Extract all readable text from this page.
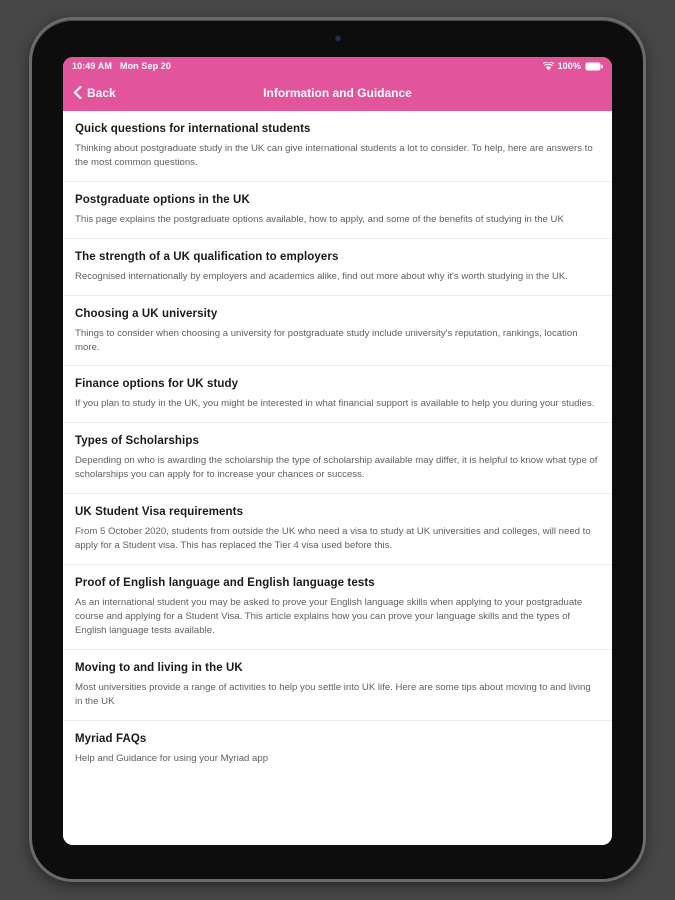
10:49 AM Mon Sep 20	100%
Back	Information and Guidance
Quick questions for international students
Thinking about postgraduate study in the UK can give international students a lot to consider. To help, here are answers to the most common questions.
Postgraduate options in the UK
This page explains the postgraduate options available, how to apply, and some of the benefits of studying in the UK
The strength of a UK qualification to employers
Recognised internationally by employers and academics alike, find out more about why it's worth studying in the UK.
Choosing a UK university
Things to consider when choosing a university for postgraduate study include university's reputation, rankings, location more.
Finance options for UK study
If you plan to study in the UK, you might be interested in what financial support is available to help you during your studies.
Types of Scholarships
Depending on who is awarding the scholarship the type of scholarship available may differ, it is helpful to know what type of scholarships you can apply for to increase your chances or success.
UK Student Visa requirements
From 5 October 2020, students from outside the UK who need a visa to study at UK universities and colleges, will need to apply for a Student visa. This has replaced the Tier 4 visa used before this.
Proof of English language and English language tests
As an international student you may be asked to prove your English language skills when applying to your postgraduate course and applying for a Student Visa. This article explains how you can prove your language skills and the types of English language tests available.
Moving to and living in the UK
Most universities provide a range of activities to help you settle into UK life. Here are some tips about moving to and living in the UK
Myriad FAQs
Help and Guidance for using your Myriad app
